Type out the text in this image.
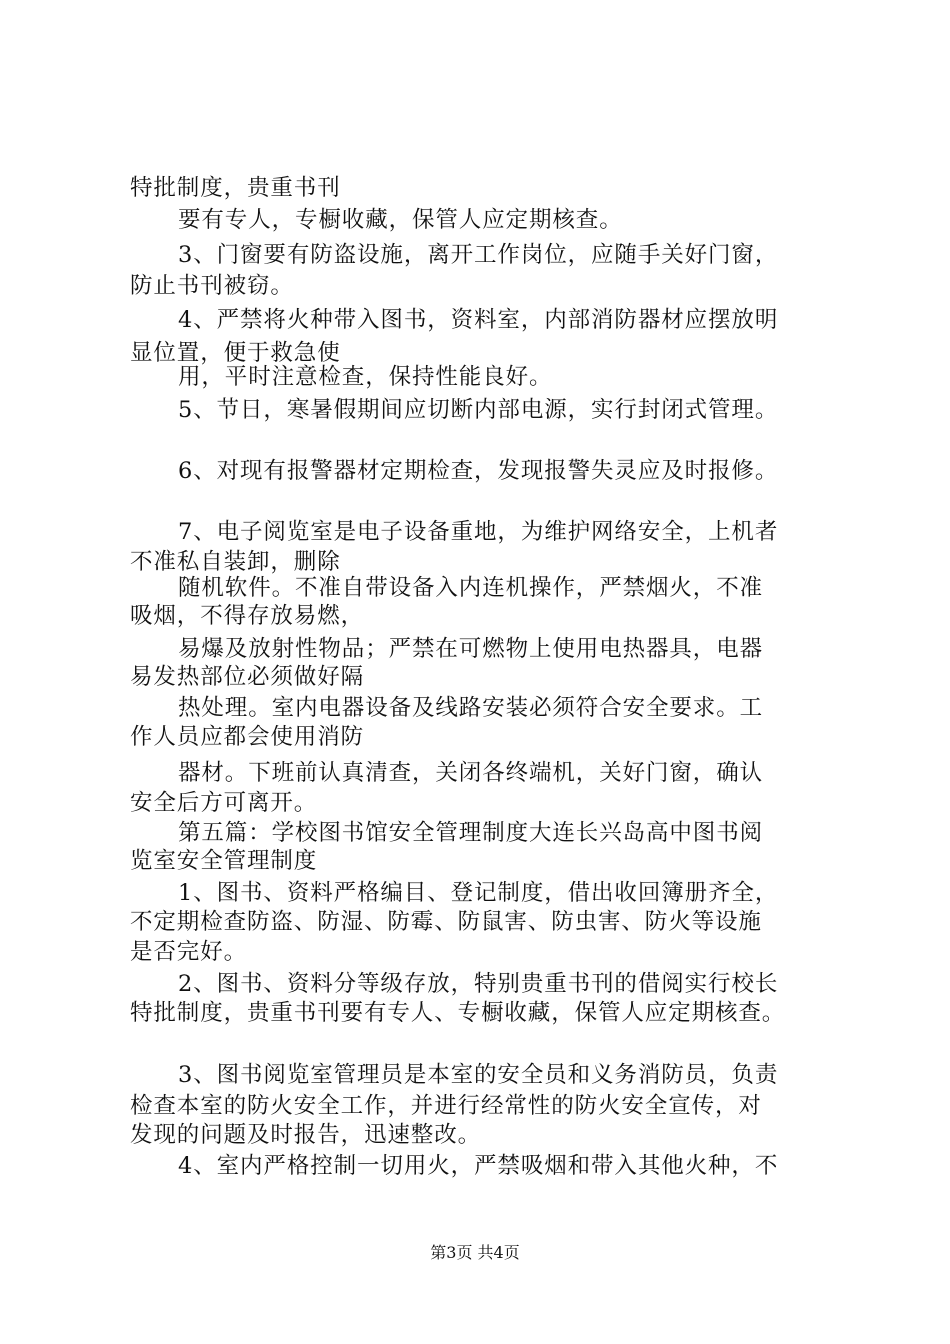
特批制度，贵重书刊
要有专人，专橱收藏，保管人应定期核查。
3、门窗要有防盗设施，离开工作岗位，应随手关好门窗，
防止书刊被窃。
4、严禁将火种带入图书，资料室，内部消防器材应摆放明
显位置，便于救急使
用，平时注意检查，保持性能良好。
5、节日，寒暑假期间应切断内部电源，实行封闭式管理。
6、对现有报警器材定期检查，发现报警失灵应及时报修。
7、电子阅览室是电子设备重地，为维护网络安全，上机者
不准私自装卸，删除
随机软件。不准自带设备入内连机操作，严禁烟火，不准
吸烟，不得存放易燃，
易爆及放射性物品；严禁在可燃物上使用电热器具，电器
易发热部位必须做好隔
热处理。室内电器设备及线路安装必须符合安全要求。工
作人员应都会使用消防
器材。下班前认真清查，关闭各终端机，关好门窗，确认
安全后方可离开。
第五篇：学校图书馆安全管理制度大连长兴岛高中图书阅
览室安全管理制度
1、图书、资料严格编目、登记制度，借出收回簿册齐全，
不定期检查防盗、防湿、防霉、防鼠害、防虫害、防火等设施
是否完好。
2、图书、资料分等级存放，特别贵重书刊的借阅实行校长
特批制度，贵重书刊要有专人、专橱收藏，保管人应定期核查。
3、图书阅览室管理员是本室的安全员和义务消防员，负责
检查本室的防火安全工作，并进行经常性的防火安全宣传，对
发现的问题及时报告，迅速整改。
4、室内严格控制一切用火，严禁吸烟和带入其他火种，不
第3页 共4页
